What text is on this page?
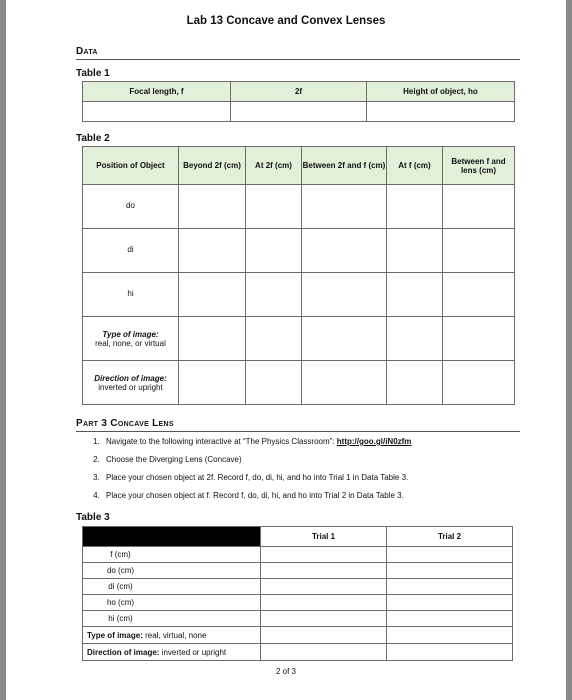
Lab 13 Concave and Convex Lenses
Data
Table 1
Focal length, f	2f	Height of object, ho

Table 2
Position of Object	Beyond 2f (cm)	At 2f (cm)	Between 2f and f (cm)	At f (cm)	Between f and lens (cm)
do					
di					
hi					

Type of image:
real, none, or virtual					

Direction of image:
inverted or upright					

Part 3 Concave Lens
1. Navigate to the following interactive at “The Physics Classroom”: http://goo.gl/iN0zfm
2. Choose the Diverging Lens (Concave)
3. Place your chosen object at 2f. Record f, do, di, hi, and ho into Trial 1 in Data Table 3.
4. Place your chosen object at f. Record f, do, di, hi, and ho into Trial 2 in Data Table 3.
Table 3
	Trial 1	Trial 2
f (cm)		
do (cm)		
di (cm)		
ho (cm)		
hi (cm)		
Type of image: real, virtual, none		
Direction of image: inverted or upright		
2 of 3
